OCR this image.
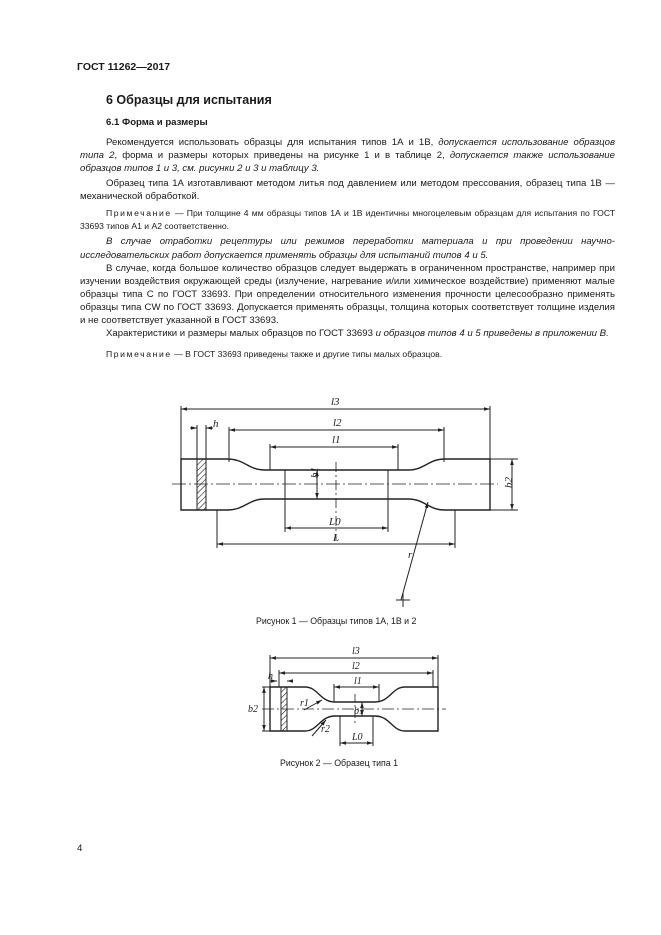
ГОСТ 11262—2017
6 Образцы для испытания
6.1 Форма и размеры

Рекомендуется использовать образцы для испытания типов 1А и 1В, допускается использование образцов типа 2, форма и размеры которых приведены на рисунке 1 и в таблице 2, допускается также использование образцов типов 1 и 3, см. рисунки 2 и 3 и таблицу 3.

Образец типа 1А изготавливают методом литья под давлением или методом прессования, образец типа 1В — механической обработкой.

Примечание — При толщине 4 мм образцы типов 1А и 1В идентичны многоцелевым образцам для испытания по ГОСТ 33693 типов А1 и А2 соответственно.

В случае отработки рецептуры или режимов переработки материала и при проведении научно-исследовательских работ допускается применять образцы для испытаний типов 4 и 5.

В случае, когда большое количество образцов следует выдержать в ограниченном пространстве, например при изучении воздействия окружающей среды (излучение, нагревание и/или химическое воздействие) применяют малые образцы типа С по ГОСТ 33693. При определении относительного изменения прочности целесообразно применять образцы типа CW по ГОСТ 33693. Допускается применять образцы, толщина которых соответствует толщине изделия и не соответствует указанной в ГОСТ 33693.

Характеристики и размеры малых образцов по ГОСТ 33693 и образцов типов 4 и 5 приведены в приложении В.

Примечание — В ГОСТ 33693 приведены также и другие типы малых образцов.

l3
l2
l1
h
b1
b2
L0
L
r
Рисунок 1 — Образцы типов 1А, 1В и 2
l3
l2
l1
h
b2	b1
r1
r2
L0
Рисунок 2 — Образец типа 1
4
